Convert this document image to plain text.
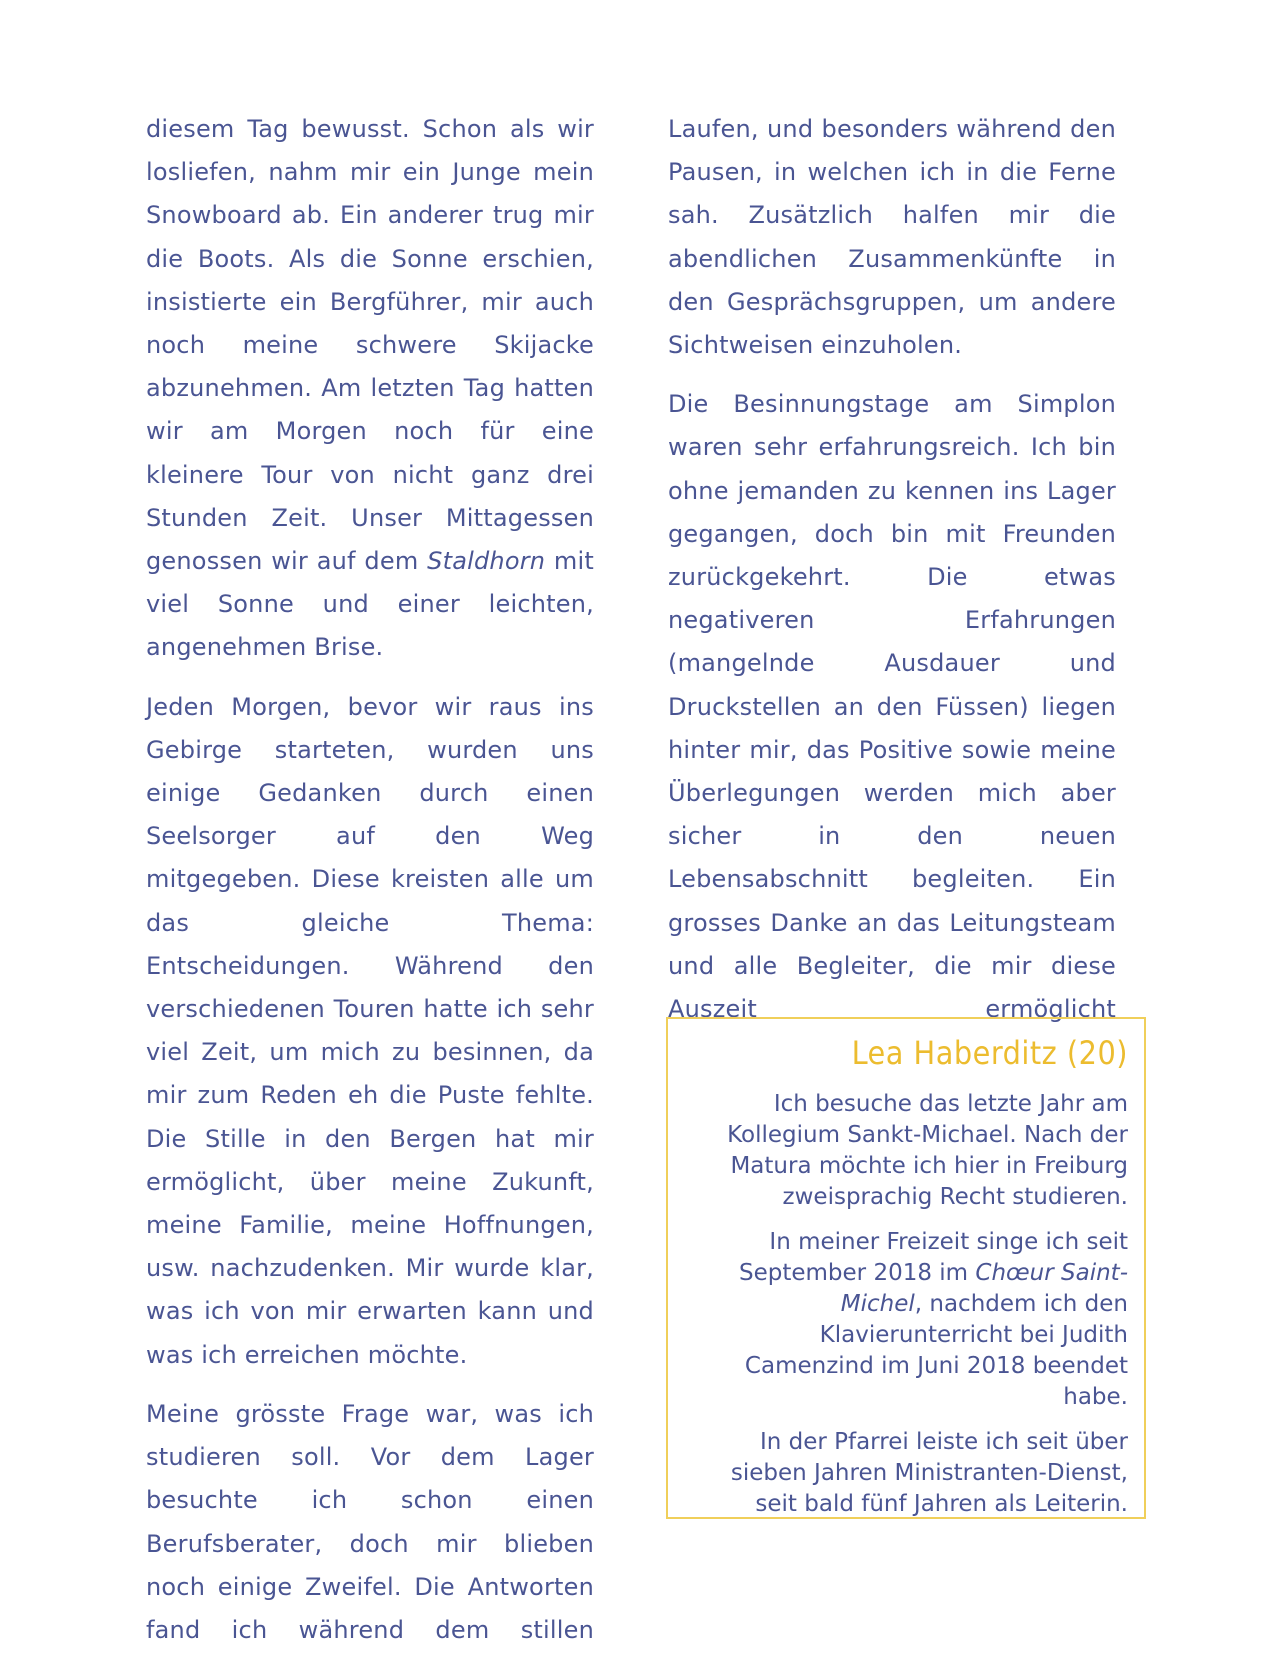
diesem Tag bewusst. Schon als wir losliefen, nahm mir ein Junge mein Snowboard ab. Ein anderer trug mir die Boots. Als die Sonne erschien, insistierte ein Bergführer, mir auch noch meine schwere Skijacke abzunehmen. Am letzten Tag hatten wir am Morgen noch für eine kleinere Tour von nicht ganz drei Stunden Zeit. Unser Mittagessen genossen wir auf dem Staldhorn mit viel Sonne und einer leichten, angenehmen Brise.

Jeden Morgen, bevor wir raus ins Gebirge starteten, wurden uns einige Gedanken durch einen Seelsorger auf den Weg mitgegeben. Diese kreisten alle um das gleiche Thema: Entscheidungen. Während den verschiedenen Touren hatte ich sehr viel Zeit, um mich zu besinnen, da mir zum Reden eh die Puste fehlte. Die Stille in den Bergen hat mir ermöglicht, über meine Zukunft, meine Familie, meine Hoffnungen, usw. nachzudenken. Mir wurde klar, was ich von mir erwarten kann und was ich erreichen möchte.

Meine grösste Frage war, was ich studieren soll. Vor dem Lager besuchte ich schon einen Berufsberater, doch mir blieben noch einige Zweifel. Die Antworten fand ich während dem stillen

Laufen, und besonders während den Pausen, in welchen ich in die Ferne sah. Zusätzlich halfen mir die abendlichen Zusammenkünfte in den Gesprächsgruppen, um andere Sichtweisen einzuholen.

Die Besinnungstage am Simplon waren sehr erfahrungsreich. Ich bin ohne jemanden zu kennen ins Lager gegangen, doch bin mit Freunden zurückgekehrt. Die etwas negativeren Erfahrungen (mangelnde Ausdauer und Druckstellen an den Füssen) liegen hinter mir, das Positive sowie meine Überlegungen werden mich aber sicher in den neuen Lebensabschnitt begleiten. Ein grosses Danke an das Leitungsteam und alle Begleiter, die mir diese Auszeit ermöglicht

Lea Haberditz (20)

Ich besuche das letzte Jahr am Kollegium Sankt-Michael. Nach der Matura möchte ich hier in Freiburg zweisprachig Recht studieren.

In meiner Freizeit singe ich seit September 2018 im Chœur Saint-Michel, nachdem ich den Klavierunterricht bei Judith Camenzind im Juni 2018 beendet habe.

In der Pfarrei leiste ich seit über sieben Jahren Ministranten-Dienst, seit bald fünf Jahren als Leiterin.
